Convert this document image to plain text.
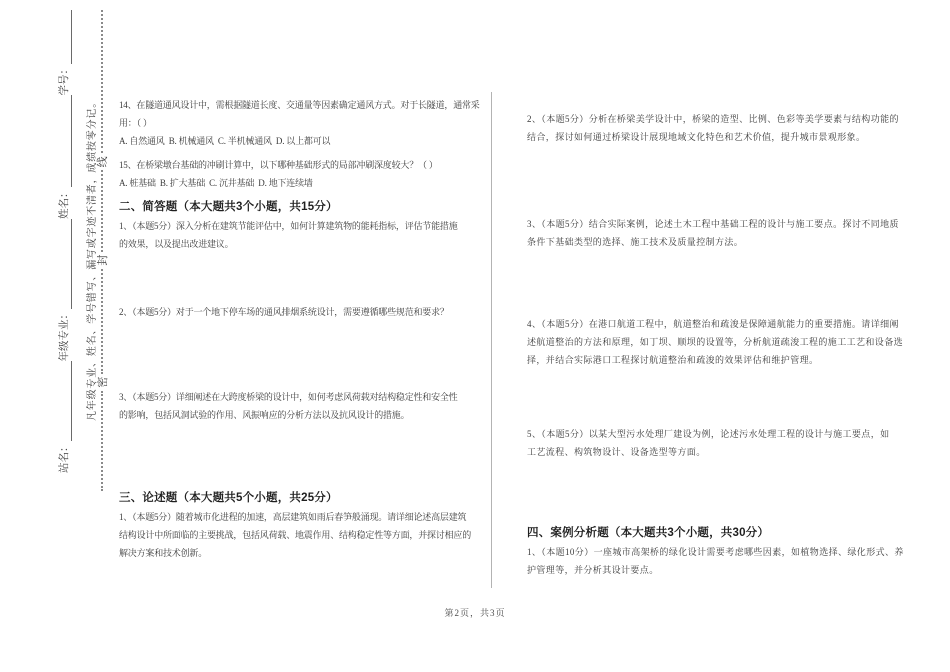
站名：
年级专业：
姓名：
学号：
凡年级专业、姓名、学号错写、漏写或字迹不清者，成绩按零分记。
密
封
线
14、在隧道通风设计中，需根据隧道长度、交通量等因素确定通风方式。对于长隧道，通常采
用：（ ）
A. 自然通风  B. 机械通风  C. 半机械通风  D. 以上都可以
15、在桥梁墩台基础的冲刷计算中，以下哪种基础形式的局部冲刷深度较大？（ ）
A. 桩基础  B. 扩大基础  C. 沉井基础  D. 地下连续墙
二、简答题（本大题共3个小题，共15分）
1、（本题5分）深入分析在建筑节能评估中，如何计算建筑物的能耗指标，评估节能措施
的效果，以及提出改进建议。
2、（本题5分）对于一个地下停车场的通风排烟系统设计，需要遵循哪些规范和要求？
3、（本题5分）详细阐述在大跨度桥梁的设计中，如何考虑风荷载对结构稳定性和安全性
的影响，包括风洞试验的作用、风振响应的分析方法以及抗风设计的措施。
三、论述题（本大题共5个小题，共25分）
1、（本题5分）随着城市化进程的加速，高层建筑如雨后春笋般涌现。请详细论述高层建筑
结构设计中所面临的主要挑战，包括风荷载、地震作用、结构稳定性等方面，并探讨相应的
解决方案和技术创新。
2、（本题5分）分析在桥梁美学设计中，桥梁的造型、比例、色彩等美学要素与结构功能的
结合，探讨如何通过桥梁设计展现地域文化特色和艺术价值，提升城市景观形象。
3、（本题5分）结合实际案例，论述土木工程中基础工程的设计与施工要点。探讨不同地质
条件下基础类型的选择、施工技术及质量控制方法。
4、（本题5分）在港口航道工程中，航道整治和疏浚是保障通航能力的重要措施。请详细阐
述航道整治的方法和原理，如丁坝、顺坝的设置等，分析航道疏浚工程的施工工艺和设备选
择，并结合实际港口工程探讨航道整治和疏浚的效果评估和维护管理。
5、（本题5分）以某大型污水处理厂建设为例，论述污水处理工程的设计与施工要点，如
工艺流程、构筑物设计、设备选型等方面。
四、案例分析题（本大题共3个小题，共30分）
1、（本题10分）一座城市高架桥的绿化设计需要考虑哪些因素，如植物选择、绿化形式、养
护管理等，并分析其设计要点。
第2页，共3页
